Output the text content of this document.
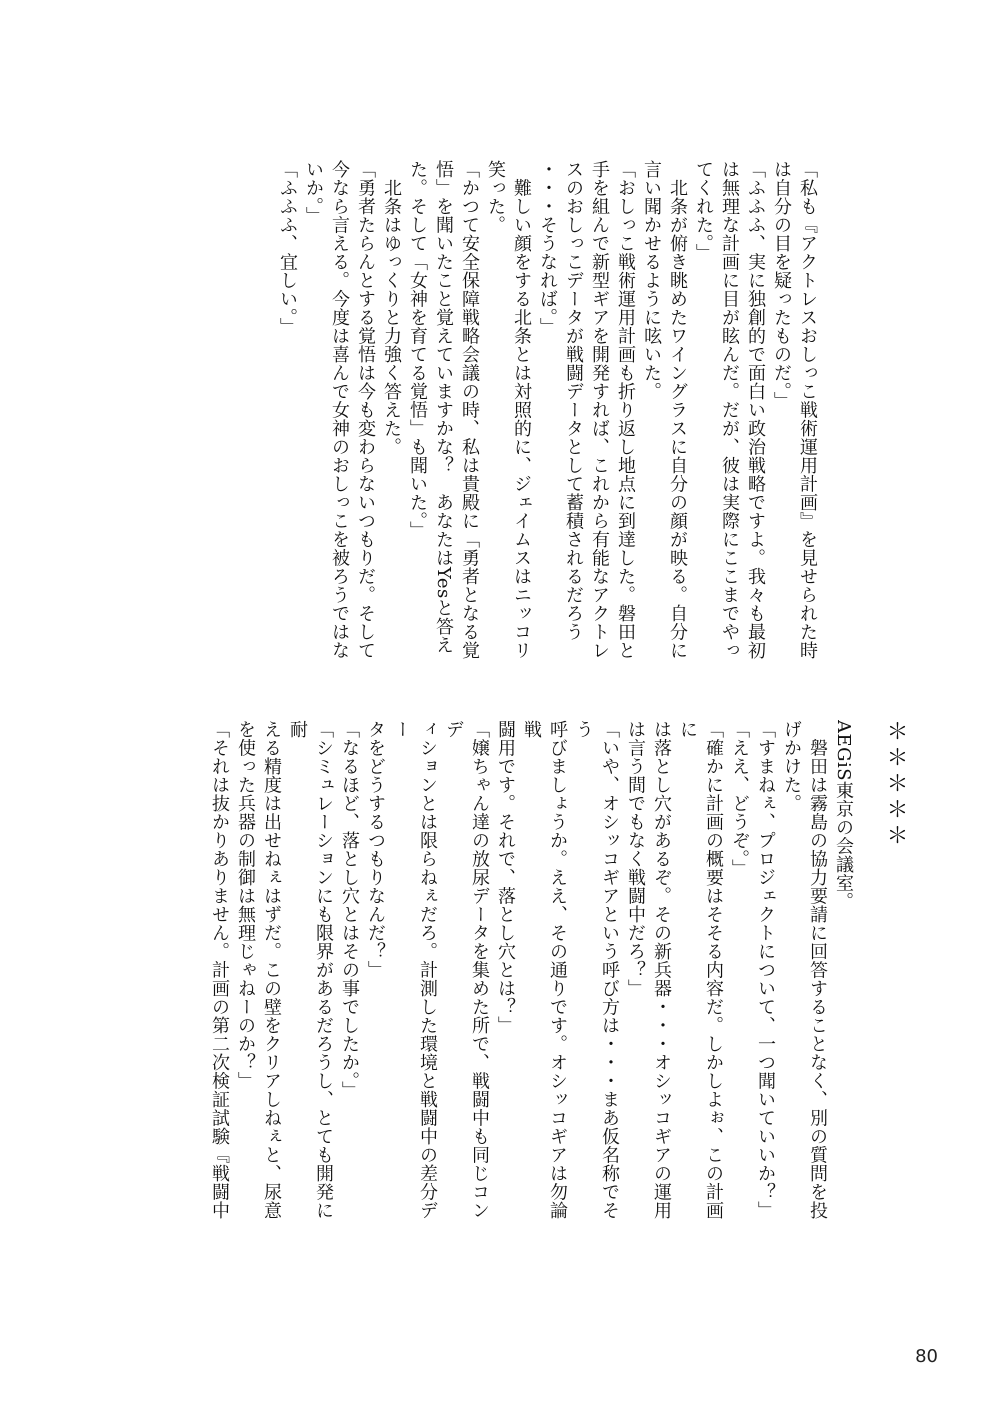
「私も『アクトレスおしっこ戦術運用計画』を見せられた時

は自分の目を疑ったものだ。」

「ふふふ、実に独創的で面白い政治戦略ですよ。我々も最初

は無理な計画に目が眩んだ。だが、彼は実際にここまでやっ

てくれた。」

　北条が俯き眺めたワイングラスに自分の顔が映る。自分に

言い聞かせるように呟いた。

「おしっこ戦術運用計画も折り返し地点に到達した。磐田と

手を組んで新型ギアを開発すれば、これから有能なアクトレ

スのおしっこデータが戦闘データとして蓄積されるだろう

・・・そうなれば。」

　難しい顔をする北条とは対照的に、ジェイムスはニッコリ

笑った。

「かつて安全保障戦略会議の時、私は貴殿に「勇者となる覚

悟」を聞いたこと覚えていますかな？　あなたはYesと答え

た。そして「女神を育てる覚悟」も聞いた。」

　北条はゆっくりと力強く答えた。

「勇者たらんとする覚悟は今も変わらないつもりだ。そして

今なら言える。今度は喜んで女神のおしっこを被ろうではな

いか。」

「ふふふ、宜しい。」

＊＊＊＊＊

AEGiS東京の会議室。

　磐田は霧島の協力要請に回答することなく、別の質問を投

げかけた。

「すまねぇ、プロジェクトについて、一つ聞いていいか？」

「ええ、どうぞ。」

「確かに計画の概要はそそる内容だ。しかしよぉ、この計画に

は落とし穴があるぞ。その新兵器・・・オシッコギアの運用

は言う間でもなく戦闘中だろ？」

「いや、オシッコギアという呼び方は・・・まあ仮名称でそう

呼びましょうか。ええ、その通りです。オシッコギアは勿論戦

闘用です。それで、落とし穴とは？」

「嬢ちゃん達の放尿データを集めた所で、戦闘中も同じコンデ

ィションとは限らねぇだろ。計測した環境と戦闘中の差分デー

タをどうするつもりなんだ？」

「なるほど、落とし穴とはその事でしたか。」

「シミュレーションにも限界があるだろうし、とても開発に耐

える精度は出せねぇはずだ。この壁をクリアしねぇと、尿意

を使った兵器の制御は無理じゃねーのか？」

「それは抜かりありません。計画の第二次検証試験『戦闘中

80
